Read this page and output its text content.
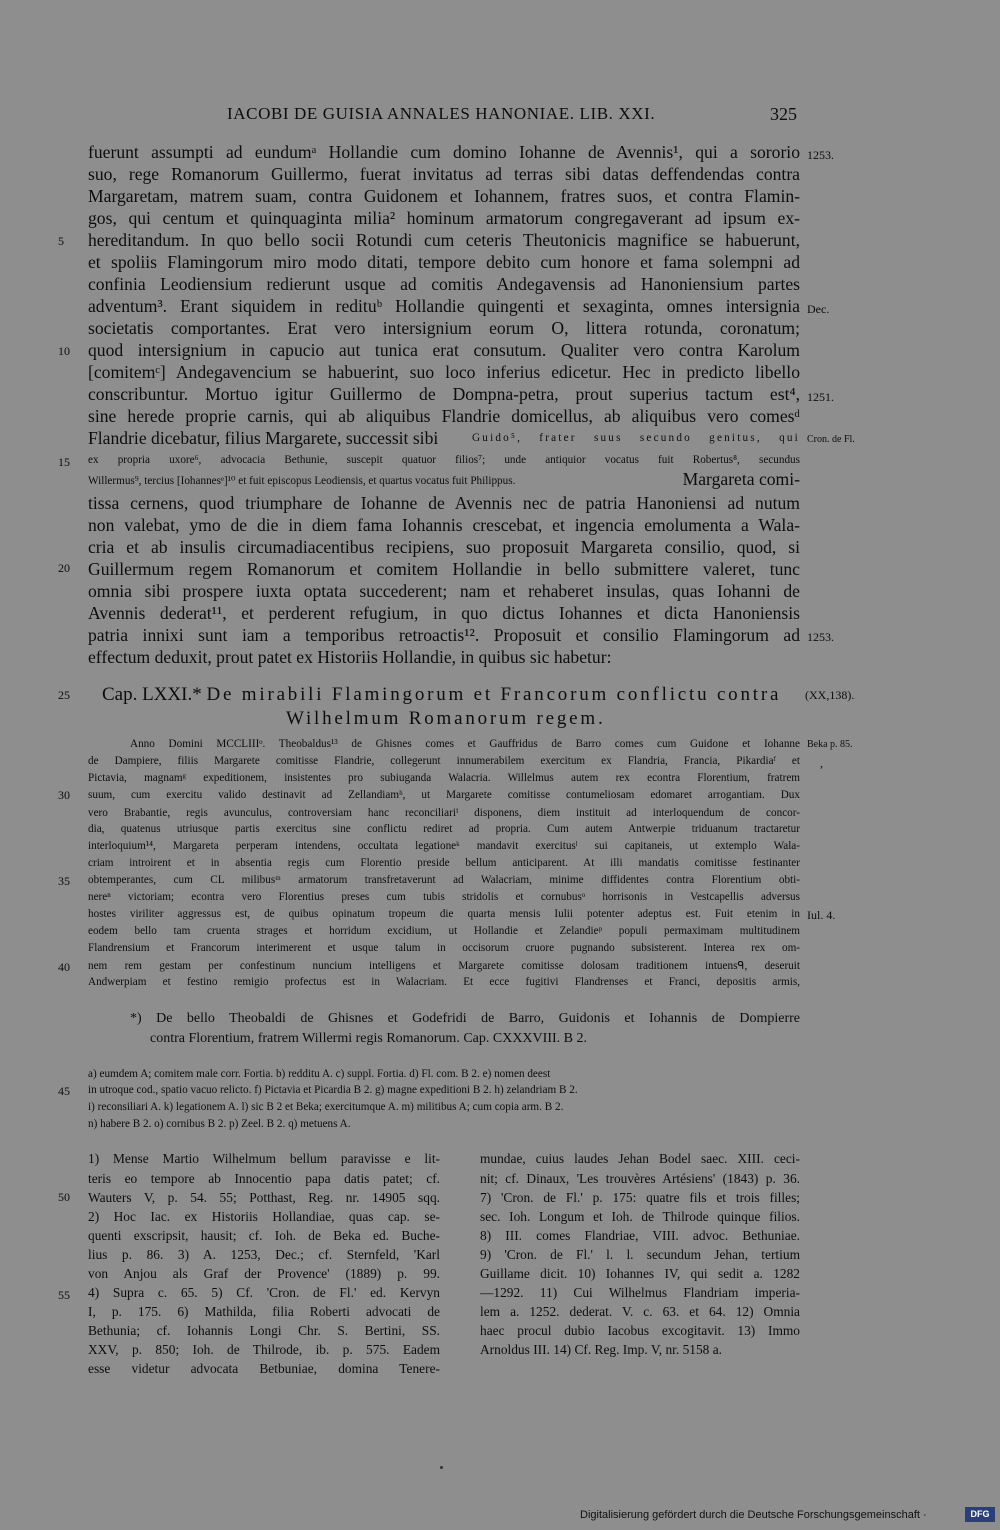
IACOBI DE GUISIA ANNALES HANONIAE. LIB. XXI.	325
fuerunt assumpti ad eundumᵃ Hollandie cum domino Iohanne de Avennis¹, qui a sororio
suo, rege Romanorum Guillermo, fuerat invitatus ad terras sibi datas deffendendas contra
Margaretam, matrem suam, contra Guidonem et Iohannem, fratres suos, et contra Flamin-
gos, qui centum et quinquaginta milia² hominum armatorum congregaverant ad ipsum ex-
hereditandum. In quo bello socii Rotundi cum ceteris Theutonicis magnifice se habuerunt,
et spoliis Flamingorum miro modo ditati, tempore debito cum honore et fama solempni ad
confinia Leodiensium redierunt usque ad comitis Andegavensis ad Hanoniensium partes
adventum³. Erant siquidem in redituᵇ Hollandie quingenti et sexaginta, omnes intersignia
societatis comportantes. Erat vero intersignium eorum O, littera rotunda, coronatum;
quod intersignium in capucio aut tunica erat consutum. Qualiter vero contra Karolum
[comitemᶜ] Andegavencium se habuerint, suo loco inferius edicetur. Hec in predicto libello
conscribuntur. Mortuo igitur Guillermo de Dompna-petra, prout superius tactum est⁴,
sine herede proprie carnis, qui ab aliquibus Flandrie domicellus, ab aliquibus vero comesᵈ
Flandrie dicebatur, filius Margarete, successit sibi	Guido⁵, frater suus secundo genitus, qui
ex propria uxore⁶, advocacia Bethunie, suscepit quatuor filios⁷; unde antiquior vocatus fuit Robertus⁸, secundus
Willermus⁹, tercius [Iohannesᵉ]¹⁰ et fuit episcopus Leodiensis, et quartus vocatus fuit Philippus.	Margareta comi-
tissa cernens, quod triumphare de Iohanne de Avennis nec de patria Hanoniensi ad nutum
non valebat, ymo de die in diem fama Iohannis crescebat, et ingencia emolumenta a Wala-
cria et ab insulis circumadiacentibus recipiens, suo proposuit Margareta consilio, quod, si
Guillermum regem Romanorum et comitem Hollandie in bello submittere valeret, tunc
omnia sibi prospere iuxta optata succederent; nam et rehaberet insulas, quas Iohanni de
Avennis dederat¹¹, et perderent refugium, in quo dictus Iohannes et dicta Hanoniensis
patria innixi sunt iam a temporibus retroactis¹². Proposuit et consilio Flamingorum ad
effectum deduxit, prout patet ex Historiis Hollandie, in quibus sic habetur:
5
10
15
20
25
30
35
40
45
50
55
1253.
Dec.
1251.
Cron. de Fl.
1253.
(XX,138).
Beka p. 85.
,
Iul. 4.
Cap. LXXI.* De mirabili Flamingorum et Francorum conflictu contra
Wilhelmum Romanorum regem.
Anno Domini MCCLIIIᵒ. Theobaldus¹³ de Ghisnes comes et Gauffridus de Barro comes cum Guidone et Iohanne
de Dampiere, filiis Margarete comitisse Flandrie, collegerunt innumerabilem exercitum ex Flandria, Francia, Pikardiaᶠ et
Pictavia, magnamᵍ expeditionem, insistentes pro subiuganda Walacria. Willelmus autem rex econtra Florentium, fratrem
suum, cum exercitu valido destinavit ad Zellandiamʰ, ut Margarete comitisse contumeliosam edomaret arrogantiam. Dux
vero Brabantie, regis avunculus, controversiam hanc reconciliariⁱ disponens, diem instituit ad interloquendum de concor-
dia, quatenus utriusque partis exercitus sine conflictu rediret ad propria. Cum autem Antwerpie triduanum tractaretur
interloquium¹⁴, Margareta perperam intendens, occultata legationeᵏ mandavit exercitusˡ sui capitaneis, ut extemplo Wala-
criam introirent et in absentia regis cum Florentio preside bellum anticiparent. At illi mandatis comitisse festinanter
obtemperantes, cum CL milibusᵐ armatorum transfretaverunt ad Walacriam, minime diffidentes contra Florentium obti-
nereⁿ victoriam; econtra vero Florentius preses cum tubis stridolis et cornubusᵒ horrisonis in Vestcapellis adversus
hostes viriliter aggressus est, de quibus opinatum tropeum die quarta mensis Iulii potenter adeptus est. Fuit etenim in
eodem bello tam cruenta strages et horridum excidium, ut Hollandie et Zelandieᵖ populi permaximam multitudinem
Flandrensium et Francorum interimerent et usque talum in occisorum cruore pugnando subsisterent. Interea rex om-
nem rem gestam per confestinum nuncium intelligens et Margarete comitisse dolosam traditionem intuensᑫ, deseruit
Andwerpiam et festino remigio profectus est in Walacriam. Et ecce fugitivi Flandrenses et Franci, depositis armis,
*) De bello Theobaldi de Ghisnes et Godefridi de Barro, Guidonis et Iohannis de Dompierre
contra Florentium, fratrem Willermi regis Romanorum. Cap. CXXXVIII. B 2.
a) eumdem A; comitem male corr. Fortia. b) redditu A. c) suppl. Fortia. d) Fl. com. B 2. e) nomen deest
in utroque cod., spatio vacuo relicto. f) Pictavia et Picardia B 2. g) magne expeditioni B 2. h) zelandriam B 2.
i) reconsiliari A. k) legationem A. l) sic B 2 et Beka; exercitumque A. m) militibus A; cum copia arm. B 2.
n) habere B 2. o) cornibus B 2. p) Zeel. B 2. q) metuens A.
1) Mense Martio Wilhelmum bellum paravisse e lit-
teris eo tempore ab Innocentio papa datis patet; cf.
Wauters V, p. 54. 55; Potthast, Reg. nr. 14905 sqq.
2) Hoc Iac. ex Historiis Hollandiae, quas cap. se-
quenti exscripsit, hausit; cf. Ioh. de Beka ed. Buche-
lius p. 86. 3) A. 1253, Dec.; cf. Sternfeld, 'Karl
von Anjou als Graf der Provence' (1889) p. 99.
4) Supra c. 65. 5) Cf. 'Cron. de Fl.' ed. Kervyn
I, p. 175. 6) Mathilda, filia Roberti advocati de
Bethunia; cf. Iohannis Longi Chr. S. Bertini, SS.
XXV, p. 850; Ioh. de Thilrode, ib. p. 575. Eadem
esse videtur advocata Betbuniae, domina Tenere-
mundae, cuius laudes Jehan Bodel saec. XIII. ceci-
nit; cf. Dinaux, 'Les trouvères Artésiens' (1843) p. 36.
7) 'Cron. de Fl.' p. 175: quatre fils et trois filles;
sec. Ioh. Longum et Ioh. de Thilrode quinque filios.
8) III. comes Flandriae, VIII. advoc. Bethuniae.
9) 'Cron. de Fl.' l. l. secundum Jehan, tertium
Guillame dicit. 10) Iohannes IV, qui sedit a. 1282
—1292. 11) Cui Wilhelmus Flandriam imperia-
lem a. 1252. dederat. V. c. 63. et 64. 12) Omnia
haec procul dubio Iacobus excogitavit. 13) Immo
Arnoldus III. 14) Cf. Reg. Imp. V, nr. 5158 a.
Digitalisierung gefördert durch die Deutsche Forschungsgemeinschaft ·	DFG
